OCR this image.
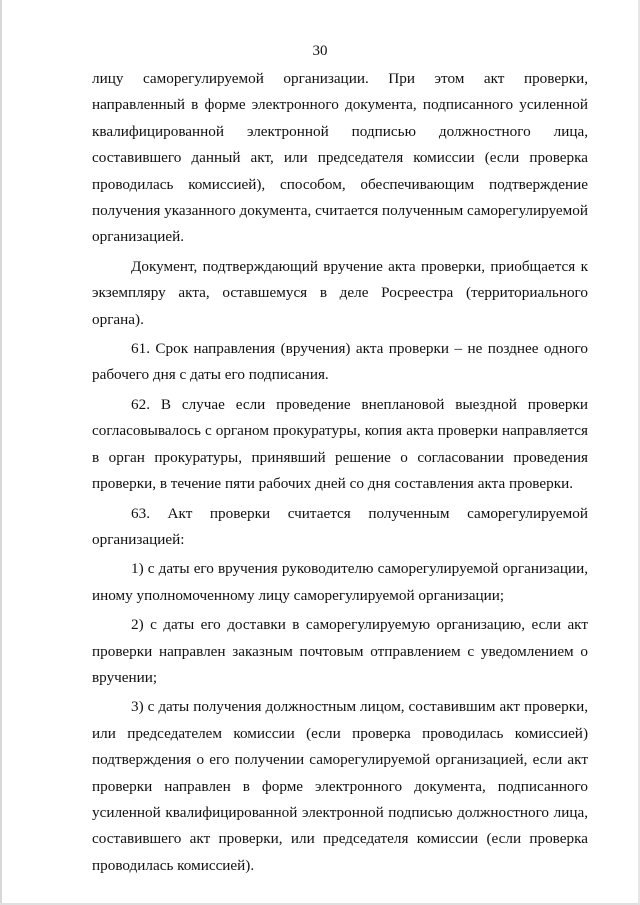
30

лицу саморегулируемой организации. При этом акт проверки, направленный в форме электронного документа, подписанного усиленной квалифицированной электронной подписью должностного лица, составившего данный акт, или председателя комиссии (если проверка проводилась комиссией), способом, обеспечивающим подтверждение получения указанного документа, считается полученным саморегулируемой организацией.

Документ, подтверждающий вручение акта проверки, приобщается к экземпляру акта, оставшемуся в деле Росреестра (территориального органа).

61. Срок направления (вручения) акта проверки – не позднее одного рабочего дня с даты его подписания.

62. В случае если проведение внеплановой выездной проверки согласовывалось с органом прокуратуры, копия акта проверки направляется в орган прокуратуры, принявший решение о согласовании проведения проверки, в течение пяти рабочих дней со дня составления акта проверки.

63. Акт проверки считается полученным саморегулируемой организацией:

1) с даты его вручения руководителю саморегулируемой организации, иному уполномоченному лицу саморегулируемой организации;

2) с даты его доставки в саморегулируемую организацию, если акт проверки направлен заказным почтовым отправлением с уведомлением о вручении;

3) с даты получения должностным лицом, составившим акт проверки, или председателем комиссии (если проверка проводилась комиссией) подтверждения о его получении саморегулируемой организацией, если акт проверки направлен в форме электронного документа, подписанного усиленной квалифицированной электронной подписью должностного лица, составившего акт проверки, или председателя комиссии (если проверка проводилась комиссией).
